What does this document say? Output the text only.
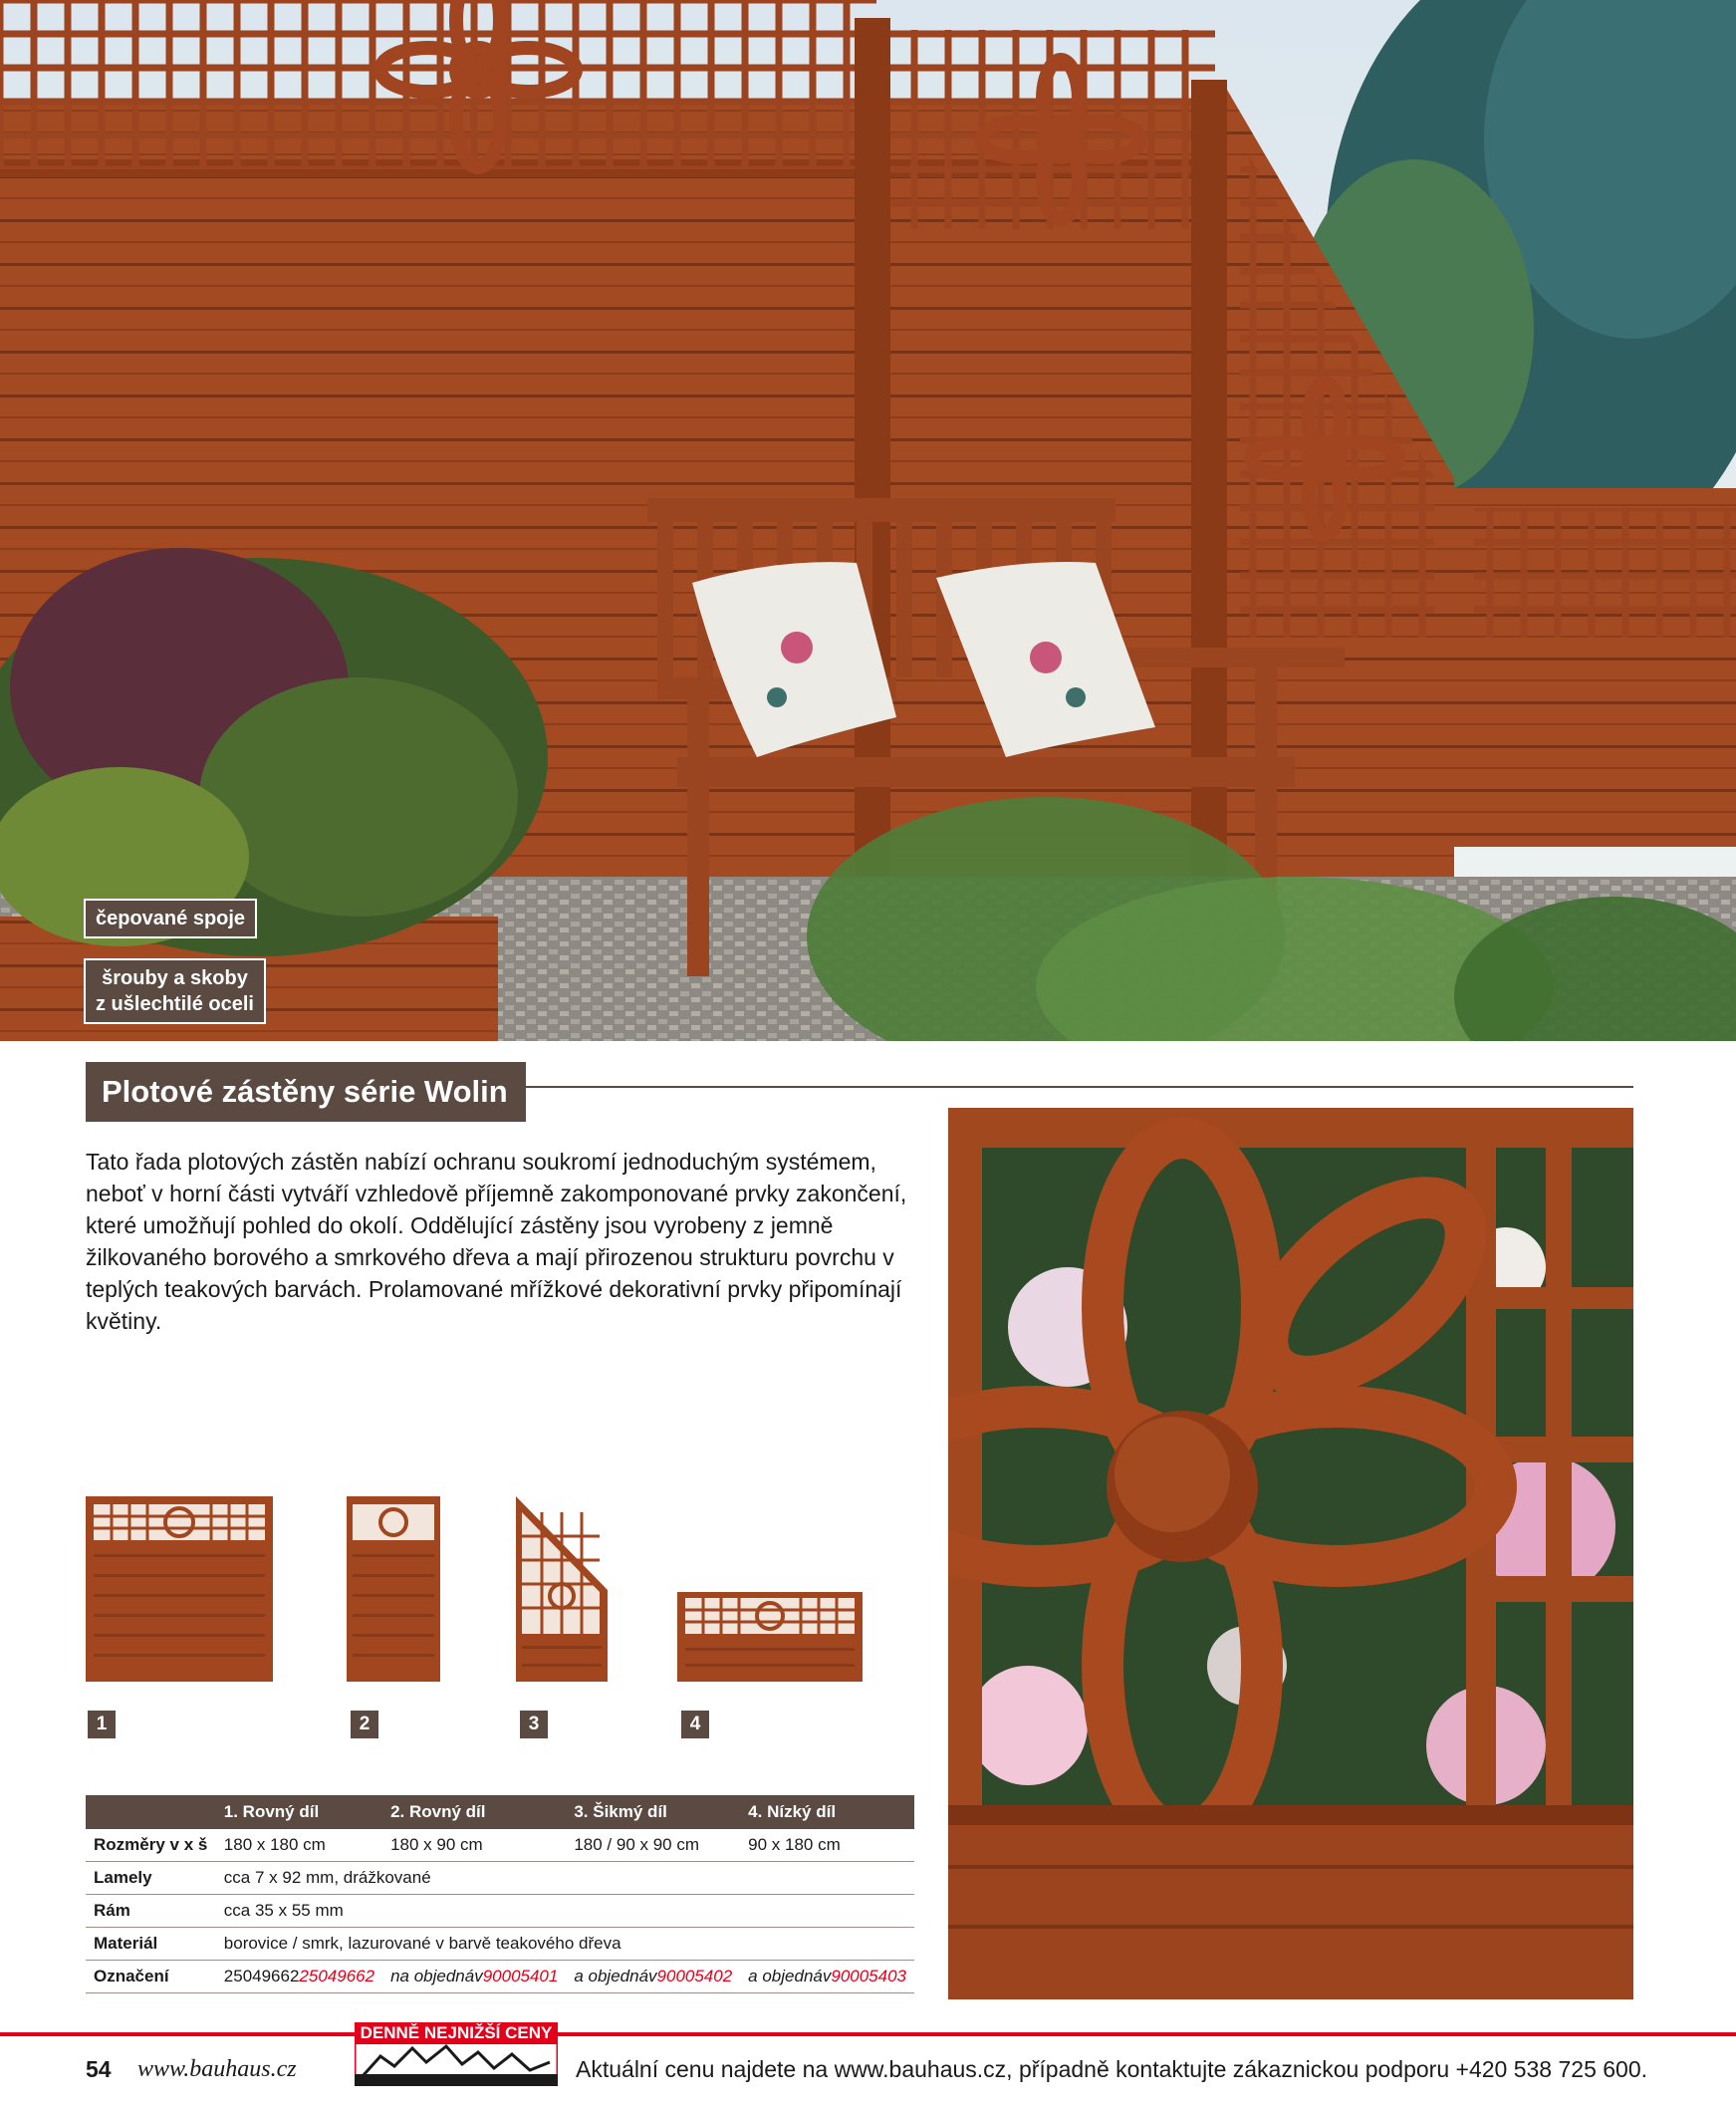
čepované spoje
šrouby a skoby
z ušlechtilé oceli
Plotové zástěny série Wolin

Tato řada plotových zástěn nabízí ochranu soukromí jednoduchým systémem, neboť v horní části vytváří vzhledově příjemně zakomponované prvky zakončení, které umožňují pohled do okolí. Oddělující zástěny jsou vyrobeny z jemně žilkovaného borového a smrkového dřeva a mají přirozenou strukturu povrchu v teplých teakových barvách. Prolamované mřížkové dekorativní prvky připomínají květiny.

1	2	3	4
	1. Rovný díl	2. Rovný díl	3. Šikmý díl	4. Nízký díl
Rozměry v x š	180 x 180 cm	180 x 90 cm	180 / 90 x 90 cm	90 x 180 cm
Lamely	cca 7 x 92 mm, drážkované			
Rám	cca 35 x 55 mm			
Materiál	borovice / smrk, lazurované v barvě teakového dřeva			
Označení	2504966225049662	na objednáv90005401	a objednáv90005402	a objednáv90005403
54 www.bauhaus.cz
DENNĚ NEJNIŽŠÍ CENY
Aktuální cenu najdete na www.bauhaus.cz, případně kontaktujte zákaznickou podporu +420 538 725 600.
